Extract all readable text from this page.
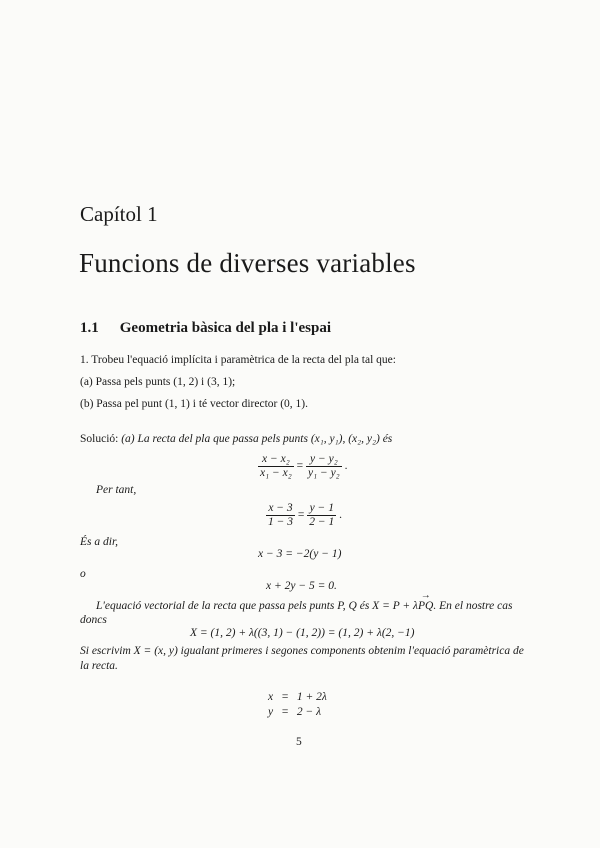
Capítol 1
Funcions de diverses variables
1.1 Geometria bàsica del pla i l'espai
1. Trobeu l'equació implícita i paramètrica de la recta del pla tal que:
(a) Passa pels punts (1, 2) i (3, 1);
(b) Passa pel punt (1, 1) i té vector director (0, 1).
Solució: (a) La recta del pla que passa pels punts (x₁, y₁), (x₂, y₂) és
$\frac{\text{x − x₂}}{\text{x₁ − x₂}} = \frac{\text{y − y₂}}{\text{y₁ − y₂}}$ .
Per tant,
$\frac{x - 3}{1 - 3} = \frac{y - 1}{2 - 1}$ .
És a dir,
x − 3 = −2(y − 1)
o
x + 2y − 5 = 0.
L'equació vectorial de la recta que passa pels punts P, Q és X = P + λ→ PQ. En el nostre cas
doncs
X = (1, 2) + λ((3, 1) − (1, 2)) = (1, 2) + λ(2, −1)
Si escrivim X = (x, y) igualant primeres i segones components obtenim l'equació paramètrica de
la recta.
x	=	1 + 2λ
y	=	2 − λ
5
